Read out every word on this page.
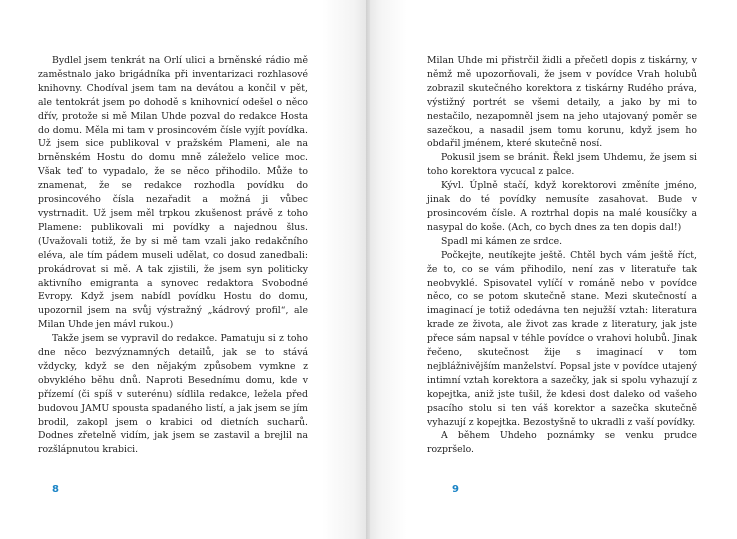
Bydlel jsem tenkrát na Orlí ulici a brněnské rádio mě zaměstnalo jako brigádníka při inventarizaci rozhlasové knihovny. Chodíval jsem tam na devátou a končil v pět, ale tentokrát jsem po dohodě s knihovnicí odešel o něco dřív, protože si mě Milan Uhde pozval do redakce Hosta do domu. Měla mi tam v prosincovém čísle vyjít povídka. Už jsem sice publikoval v pražském Plameni, ale na brněnském Hostu do domu mně záleželo velice moc. Však teď to vypadalo, že se něco přihodilo. Může to znamenat, že se redakce rozhodla povídku do prosincového čísla nezařadit a možná ji vůbec vystrnadit. Už jsem měl trpkou zkušenost právě z toho Plamene: publikovali mi povídky a najednou šlus. (Uvažovali totiž, že by si mě tam vzali jako redakčního eléva, ale tím pádem museli udělat, co dosud zanedbali: prokádrovat si mě. A tak zjistili, že jsem syn politicky aktivního emigranta a synovec redaktora Svobodné Evropy. Když jsem nabídl povídku Hostu do domu, upozornil jsem na svůj výstražný „kádrový profil“, ale Milan Uhde jen mávl rukou.)

Takže jsem se vypravil do redakce. Pamatuju si z toho dne něco bezvýznamných detailů, jak se to stává vždycky, když se den nějakým způsobem vymkne z obvyklého běhu dnů. Naproti Besednímu domu, kde v přízemí (či spíš v suterénu) sídlila redakce, ležela před budovou JAMU spousta spadaného listí, a jak jsem se jím brodil, zakopl jsem o krabici od dietních sucharů. Dodnes zřetelně vidím, jak jsem se zastavil a brejlil na rozšlápnutou krabici.

8

Milan Uhde mi přistrčil židli a přečetl dopis z tiskárny, v němž mě upozorňovali, že jsem v povídce Vrah holubů zobrazil skutečného korektora z tiskárny Rudého práva, výstižný portrét se všemi detaily, a jako by mi to nestačilo, nezapomněl jsem na jeho utajovaný poměr se sazečkou, a nasadil jsem tomu korunu, když jsem ho obdařil jménem, které skutečně nosí.

Pokusil jsem se bránit. Řekl jsem Uhdemu, že jsem si toho korektora vycucal z palce.

Kývl. Úplně stačí, když korektorovi změníte jméno, jinak do té povídky nemusíte zasahovat. Bude v prosincovém čísle. A roztrhal dopis na malé kousíčky a nasypal do koše. (Ach, co bych dnes za ten dopis dal!)

Spadl mi kámen ze srdce.

Počkejte, neutíkejte ještě. Chtěl bych vám ještě říct, že to, co se vám přihodilo, není zas v literatuře tak neobvyklé. Spisovatel vylíčí v románě nebo v povídce něco, co se potom skutečně stane. Mezi skutečností a imaginací je totiž odedávna ten nejužší vztah: literatura krade ze života, ale život zas krade z literatury, jak jste přece sám napsal v téhle povídce o vrahovi holubů. Jinak řečeno, skutečnost žije s imaginací v tom nejblážnivějším manželství. Popsal jste v povídce utajený intimní vztah korektora a sazečky, jak si spolu vyhazují z kopejtka, aniž jste tušil, že kdesi dost daleko od vašeho psacího stolu si ten váš korektor a sazečka skutečně vyhazují z kopejtka. Bezostyšně to ukradli z vaší povídky.

A během Uhdeho poznámky se venku prudce rozpršelo.

9
